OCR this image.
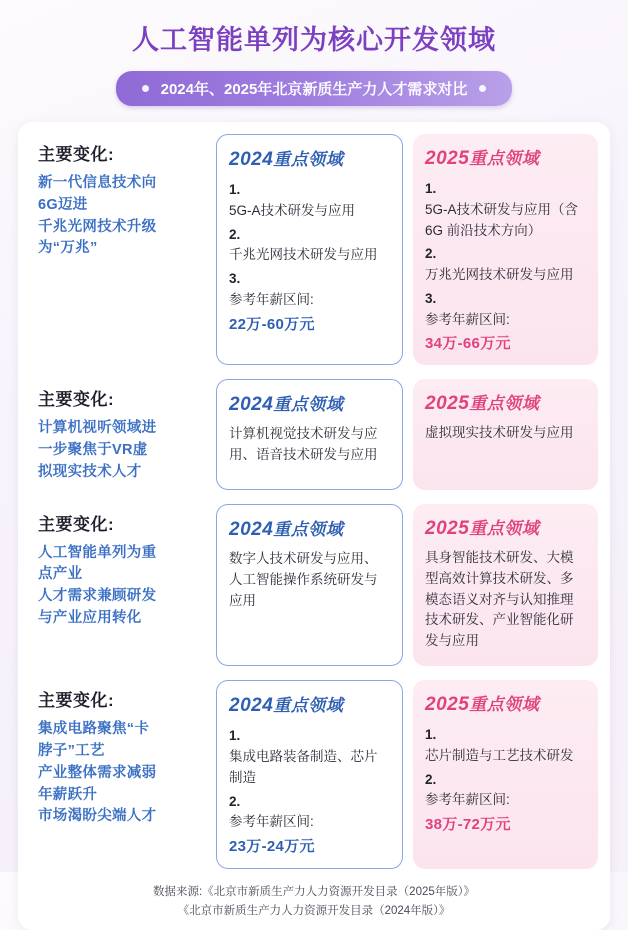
人工智能单列为核心开发领域
2024年、2025年北京新质生产力人才需求对比
主要变化:
新一代信息技术向
6G迈进
千兆光网技术升级
为“万兆”
2024重点领域
1.
5G-A技术研发与应用
2.
千兆光网技术研发与应用
3.
参考年薪区间:
22万-60万元
2025重点领域
1.
5G-A技术研发与应用（含 6G 前沿技术方向）
2.
万兆光网技术研发与应用
3.
参考年薪区间:
34万-66万元
主要变化:
计算机视听领域进
一步聚焦于VR虚
拟现实技术人才
2024重点领域
计算机视觉技术研发与应用、语音技术研发与应用
2025重点领域
虚拟现实技术研发与应用
主要变化:
人工智能单列为重
点产业
人才需求兼顾研发
与产业应用转化
2024重点领域
数字人技术研发与应用、人工智能操作系统研发与应用
2025重点领域
具身智能技术研发、大模型高效计算技术研发、多模态语义对齐与认知推理技术研发、产业智能化研发与应用
主要变化:
集成电路聚焦“卡
脖子”工艺
产业整体需求减弱
年薪跃升
市场渴盼尖端人才
2024重点领域
1.
集成电路装备制造、芯片制造
2.
参考年薪区间:
23万-24万元
2025重点领域
1.
芯片制造与工艺技术研发
2.
参考年薪区间:
38万-72万元
数据来源:《北京市新质生产力人力资源开发目录（2025年版）》
《北京市新质生产力人力资源开发目录（2024年版）》
